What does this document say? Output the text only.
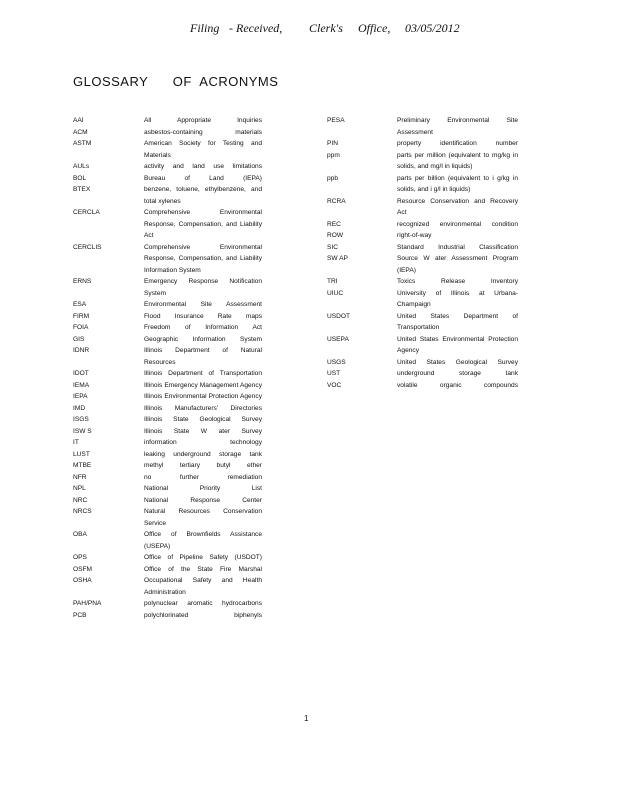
Filing - Received, Clerk's Office, 03/05/2012
GLOSSARY      OF  ACRONYMS
AAI	All Appropriate Inquiries
ACM	asbestos-containing materials
ASTM	American Society for Testing and Materials
AULs	activity and land use limitations
BOL	Bureau of Land (IEPA)
BTEX	benzene, toluene, ethylbenzene, and total xylenes
CERCLA	Comprehensive Environmental Response, Compensation, and Liability Act
CERCLIS	Comprehensive Environmental Response, Compensation, and Liability Information System
ERNS	Emergency Response Notification System
ESA	Environmental Site Assessment
FIRM	Flood Insurance Rate maps
FOIA	Freedom of Information Act
GIS	Geographic Information System
IDNR	Illinois Department of Natural Resources
IDOT	Illinois Department of Transportation
IEMA	Illinois Emergency Management Agency
IEPA	Illinois Environmental Protection Agency
IMD	Illinois Manufacturers' Directories
ISGS	Illinois State Geological Survey
ISW S	Illinois State W ater Survey
IT	information technology
LUST	leaking underground storage tank
MTBE	methyl tertiary butyl ether
NFR	no further remediation
NPL	National Priority List
NRC	National Response Center
NRCS	Natural Resources Conservation Service
OBA	Office of Brownfields Assistance (USEPA)
OPS	Office of Pipeline Safety (USDOT)
OSFM	Office of the State Fire Marshal
OSHA	Occupational Safety and Health Administration
PAH/PNA	polynuclear aromatic hydrocarbons
PCB	polychlorinated biphenyls
PESA	Preliminary Environmental Site Assessment
PIN	property identification number
ppm	parts per million (equivalent to mg/kg in solids, and mg/l in liquids)
ppb	parts per billion (equivalent to i g/kg in solids, and i g/l in liquids)
RCRA	Resource Conservation and Recovery Act
REC	recognized environmental condition
ROW	right-of-way
SIC	Standard Industrial Classification
SW AP	Source W ater Assessment Program (IEPA)
TRI	Toxics Release Inventory
UIUC	University of Illinois at Urbana-Champaign
USDOT	United States Department of Transportation
USEPA	United States Environmental Protection Agency
USGS	United States Geological Survey
UST	underground storage tank
VOC	volatile organic compounds
1
